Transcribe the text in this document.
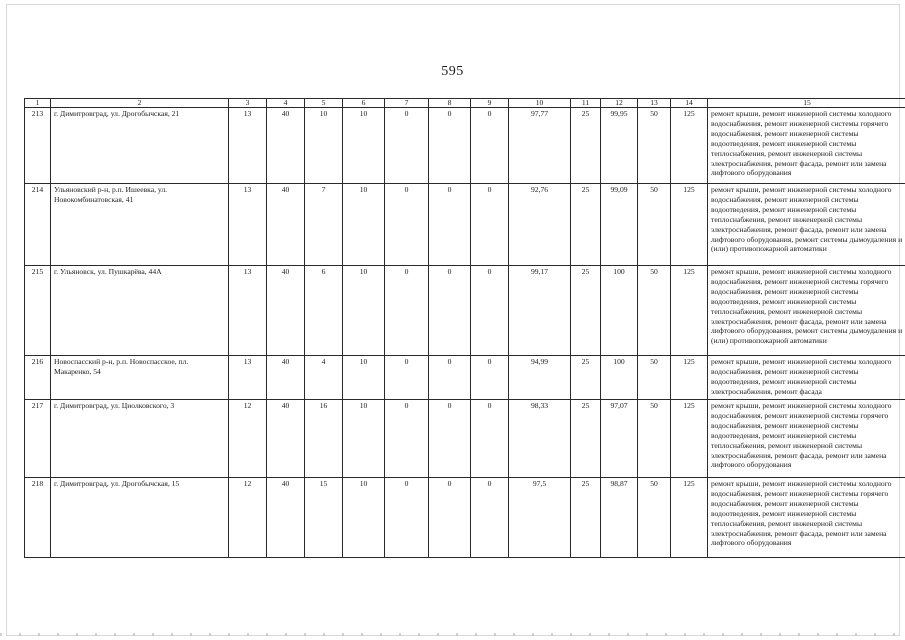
595
1	2	3	4	5	6	7	8	9	10	11	12	13	14	15
213	г. Димитровград, ул. Дрогобычская, 21	13	40	10	10	0	0	0	97,77	25	99,95	50	125	ремонт крыши, ремонт инженерной системы холодного водоснабжения, ремонт инженерной системы горячего водоснабжения, ремонт инженерной системы водоотведения, ремонт инженерной системы теплоснабжения, ремонт инженерной системы электроснабжения, ремонт фасада, ремонт или замена лифтового оборудования
214	Ульяновский р-н, р.п. Ишеевка, ул. Новокомбинатовская, 41	13	40	7	10	0	0	0	92,76	25	99,09	50	125	ремонт крыши, ремонт инженерной системы холодного водоснабжения, ремонт инженерной системы водоотведения, ремонт инженерной системы теплоснабжения, ремонт инженерной системы электроснабжения, ремонт фасада, ремонт или замена лифтового оборудования, ремонт системы дымоудаления и (или) противопожарной автоматики
215	г. Ульяновск, ул. Пушкарёва, 44А	13	40	6	10	0	0	0	99,17	25	100	50	125	ремонт крыши, ремонт инженерной системы холодного водоснабжения, ремонт инженерной системы горячего водоснабжения, ремонт инженерной системы водоотведения, ремонт инженерной системы теплоснабжения, ремонт инженерной системы электроснабжения, ремонт фасада, ремонт или замена лифтового оборудования, ремонт системы дымоудаления и (или) противопожарной автоматики
216	Новоспасский р-н, р.п. Новоспасское, пл. Макаренко, 54	13	40	4	10	0	0	0	94,99	25	100	50	125	ремонт крыши, ремонт инженерной системы холодного водоснабжения, ремонт инженерной системы водоотведения, ремонт инженерной системы электроснабжения, ремонт фасада
217	г. Димитровград, ул. Циолковского, 3	12	40	16	10	0	0	0	98,33	25	97,07	50	125	ремонт крыши, ремонт инженерной системы холодного водоснабжения, ремонт инженерной системы горячего водоснабжения, ремонт инженерной системы водоотведения, ремонт инженерной системы теплоснабжения, ремонт инженерной системы электроснабжения, ремонт фасада, ремонт или замена лифтового оборудования
218	г. Димитровград, ул. Дрогобычская, 15	12	40	15	10	0	0	0	97,5	25	98,87	50	125	ремонт крыши, ремонт инженерной системы холодного водоснабжения, ремонт инженерной системы горячего водоснабжения, ремонт инженерной системы водоотведения, ремонт инженерной системы теплоснабжения, ремонт инженерной системы электроснабжения, ремонт фасада, ремонт или замена лифтового оборудования
